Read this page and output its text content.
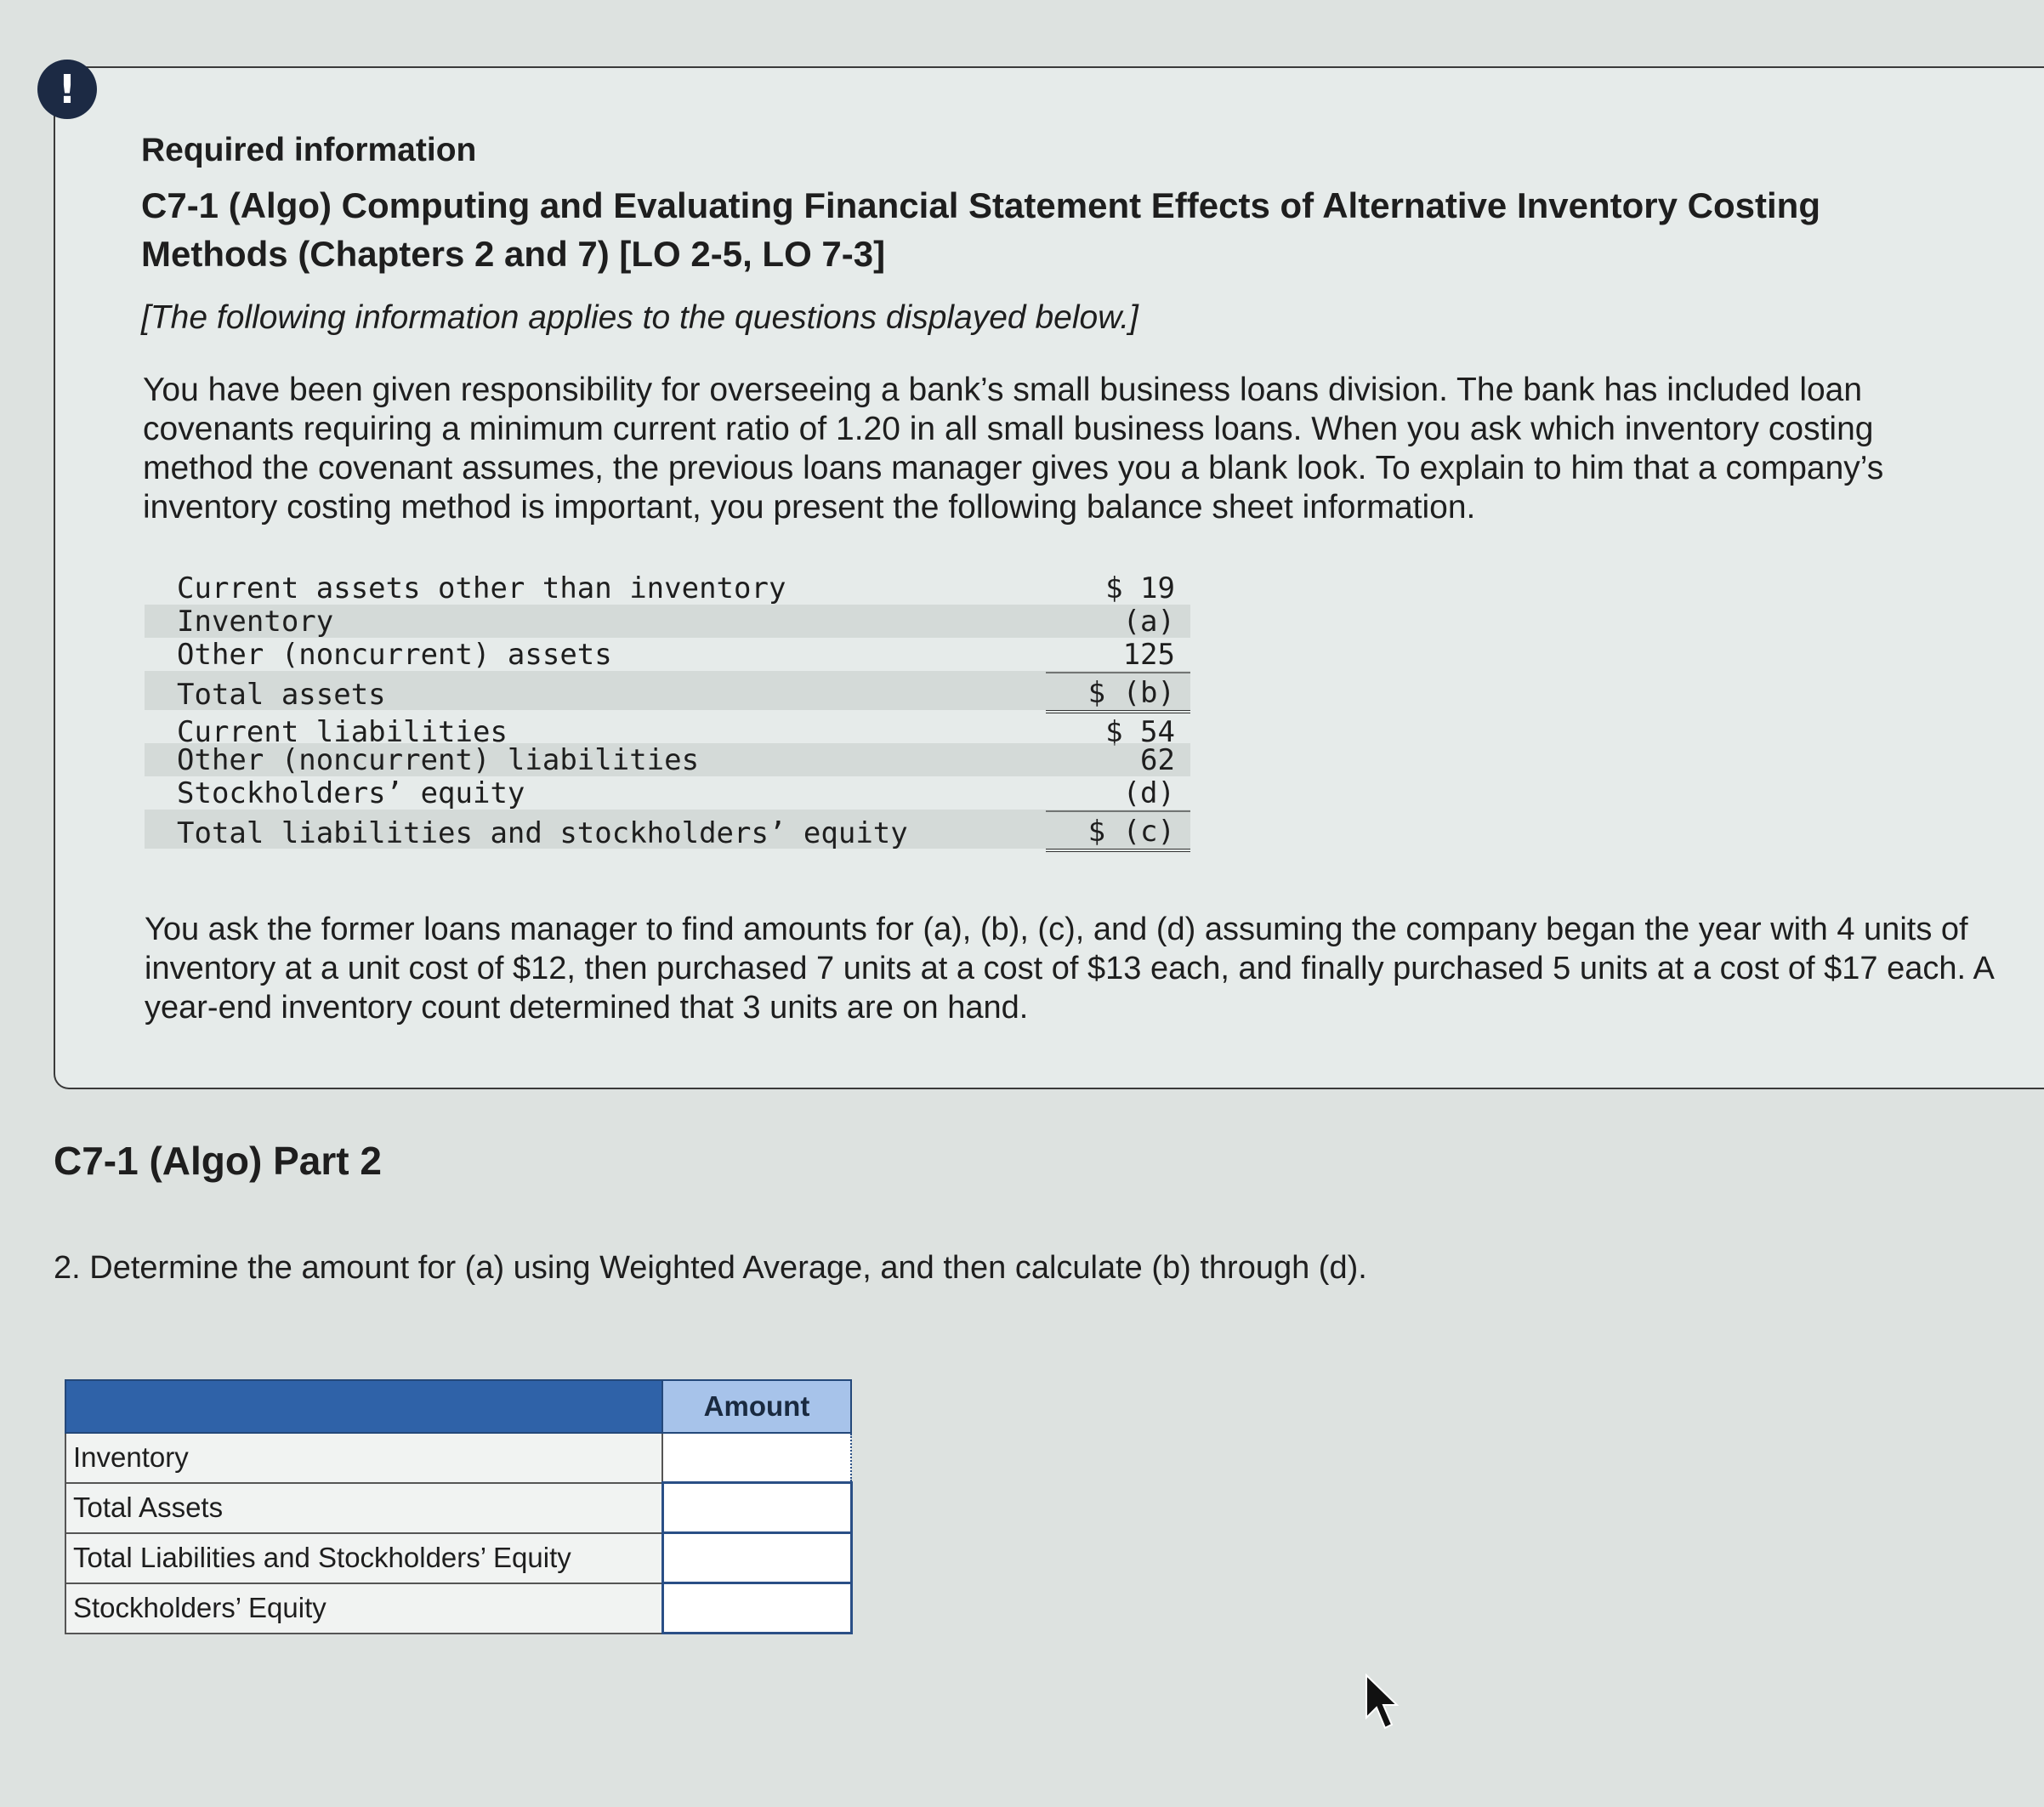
!
Required information
C7-1 (Algo) Computing and Evaluating Financial Statement Effects of Alternative Inventory Costing Methods (Chapters 2 and 7) [LO 2-5, LO 7-3]
[The following information applies to the questions displayed below.]
You have been given responsibility for overseeing a bank’s small business loans division. The bank has included loan covenants requiring a minimum current ratio of 1.20 in all small business loans. When you ask which inventory costing method the covenant assumes, the previous loans manager gives you a blank look. To explain to him that a company’s inventory costing method is important, you present the following balance sheet information.
Current assets other than inventory	$ 19
Inventory	(a)
Other (noncurrent) assets	125
Total assets	$ (b)
Current liabilities	$ 54
Other (noncurrent) liabilities	62
Stockholders’ equity	(d)
Total liabilities and stockholders’ equity	$ (c)
You ask the former loans manager to find amounts for (a), (b), (c), and (d) assuming the company began the year with 4 units of inventory at a unit cost of $12, then purchased 7 units at a cost of $13 each, and finally purchased 5 units at a cost of $17 each. A year-end inventory count determined that 3 units are on hand.
C7-1 (Algo) Part 2
2. Determine the amount for (a) using Weighted Average, and then calculate (b) through (d).
	Amount
Inventory	
Total Assets	
Total Liabilities and Stockholders’ Equity	
Stockholders’ Equity	
